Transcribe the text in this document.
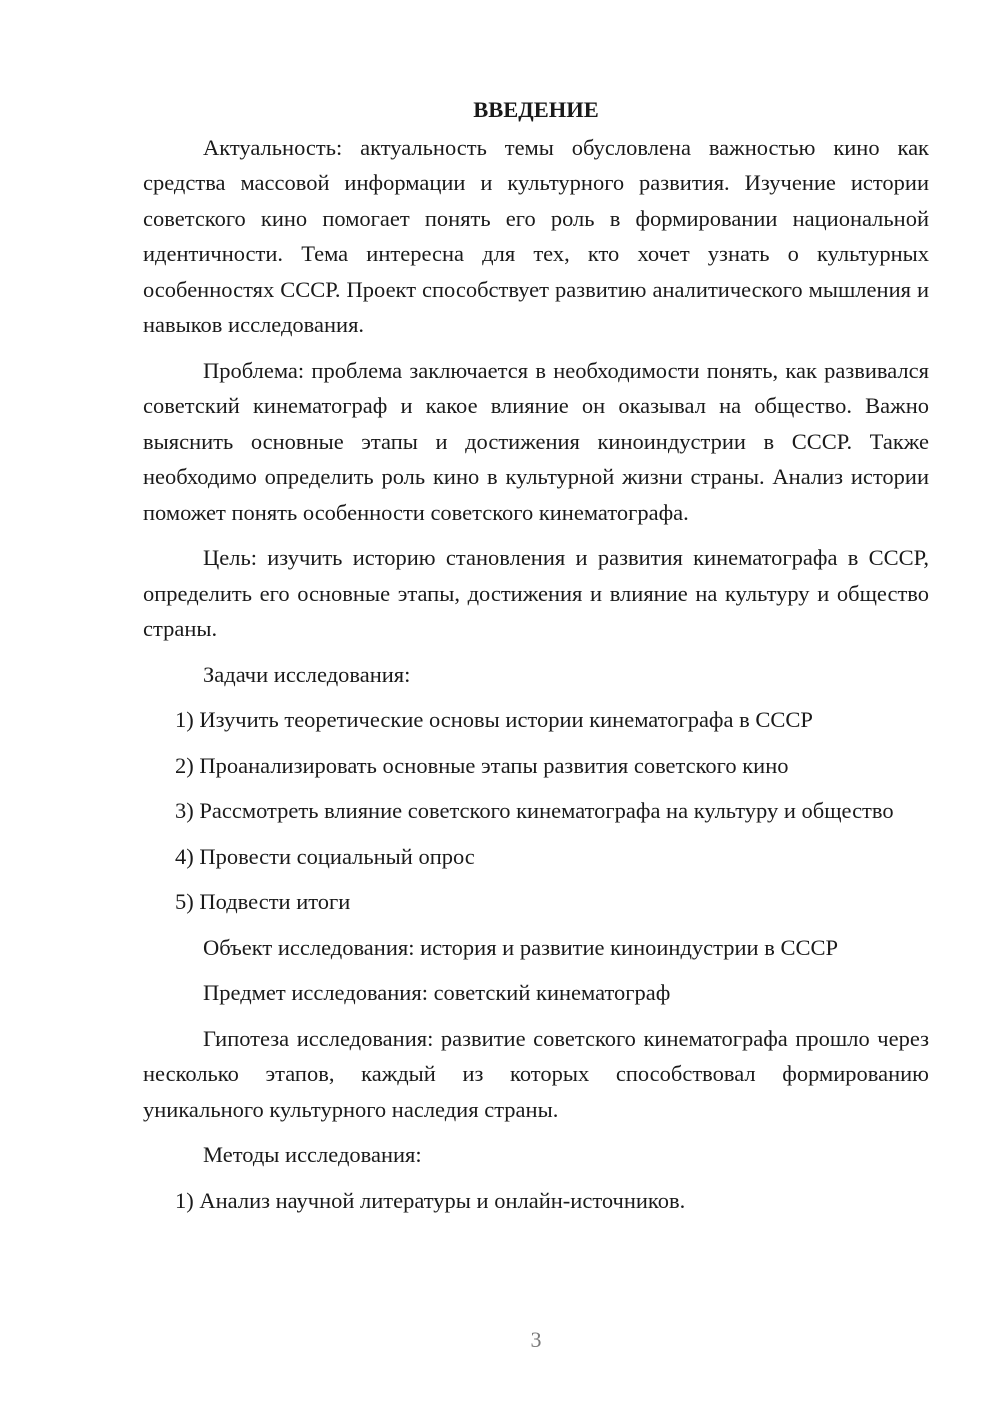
ВВЕДЕНИЕ

Актуальность: актуальность темы обусловлена важностью кино как средства массовой информации и культурного развития. Изучение истории советского кино помогает понять его роль в формировании национальной идентичности. Тема интересна для тех, кто хочет узнать о культурных особенностях СССР. Проект способствует развитию аналитического мышления и навыков исследования.

Проблема: проблема заключается в необходимости понять, как развивался советский кинематограф и какое влияние он оказывал на общество. Важно выяснить основные этапы и достижения киноиндустрии в СССР. Также необходимо определить роль кино в культурной жизни страны. Анализ истории поможет понять особенности советского кинематографа.

Цель: изучить историю становления и развития кинематографа в СССР, определить его основные этапы, достижения и влияние на культуру и общество страны.

Задачи исследования:

1) Изучить теоретические основы истории кинематографа в СССР

2) Проанализировать основные этапы развития советского кино

3) Рассмотреть влияние советского кинематографа на культуру и общество

4) Провести социальный опрос

5) Подвести итоги

Объект исследования: история и развитие киноиндустрии в СССР

Предмет исследования: советский кинематограф

Гипотеза исследования: развитие советского кинематографа прошло через несколько этапов, каждый из которых способствовал формированию уникального культурного наследия страны.

Методы исследования:

1) Анализ научной литературы и онлайн-источников.

3
